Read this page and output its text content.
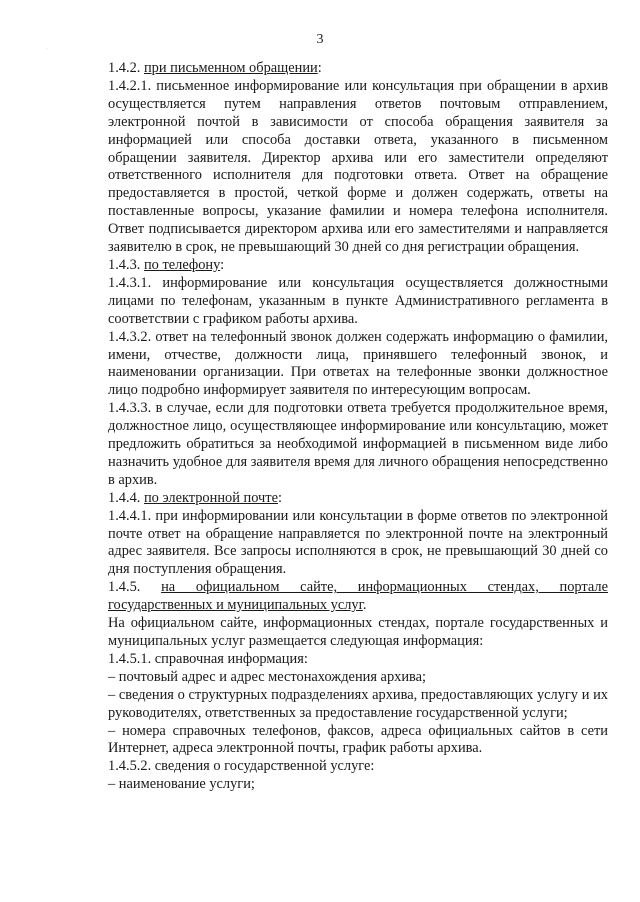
·
3

1.4.2. при письменном обращении:

1.4.2.1. письменное информирование или консультация при обращении в архив осуществляется путем направления ответов почтовым отправлением, электронной почтой в зависимости от способа обращения заявителя за информацией или способа доставки ответа, указанного в письменном обращении заявителя. Директор архива или его заместители определяют ответственного исполнителя для подготовки ответа. Ответ на обращение предоставляется в простой, четкой форме и должен содержать, ответы на поставленные вопросы, указание фамилии и номера телефона исполнителя. Ответ подписывается директором архива или его заместителями и направляется заявителю в срок, не превышающий 30 дней со дня регистрации обращения.

1.4.3. по телефону:

1.4.3.1. информирование или консультация осуществляется должностными лицами по телефонам, указанным в пункте Административного регламента в соответствии с графиком работы архива.

1.4.3.2. ответ на телефонный звонок должен содержать информацию о фамилии, имени, отчестве, должности лица, принявшего телефонный звонок, и наименовании организации. При ответах на телефонные звонки должностное лицо подробно информирует заявителя по интересующим вопросам.

1.4.3.3. в случае, если для подготовки ответа требуется продолжительное время, должностное лицо, осуществляющее информирование или консультацию, может предложить обратиться за необходимой информацией в письменном виде либо назначить удобное для заявителя время для личного обращения непосредственно в архив.

1.4.4. по электронной почте:

1.4.4.1. при информировании или консультации в форме ответов по электронной почте ответ на обращение направляется по электронной почте на электронный адрес заявителя. Все запросы исполняются в срок, не превышающий 30 дней со дня поступления обращения.

1.4.5. на официальном сайте, информационных стендах, портале государственных и муниципальных услуг.

На официальном сайте, информационных стендах, портале государственных и муниципальных услуг размещается следующая информация:

1.4.5.1. справочная информация:

– почтовый адрес и адрес местонахождения архива;

– сведения о структурных подразделениях архива, предоставляющих услугу и их руководителях, ответственных за предоставление государственной услуги;

– номера справочных телефонов, факсов, адреса официальных сайтов в сети Интернет, адреса электронной почты, график работы архива.

1.4.5.2. сведения о государственной услуге:

– наименование услуги;
